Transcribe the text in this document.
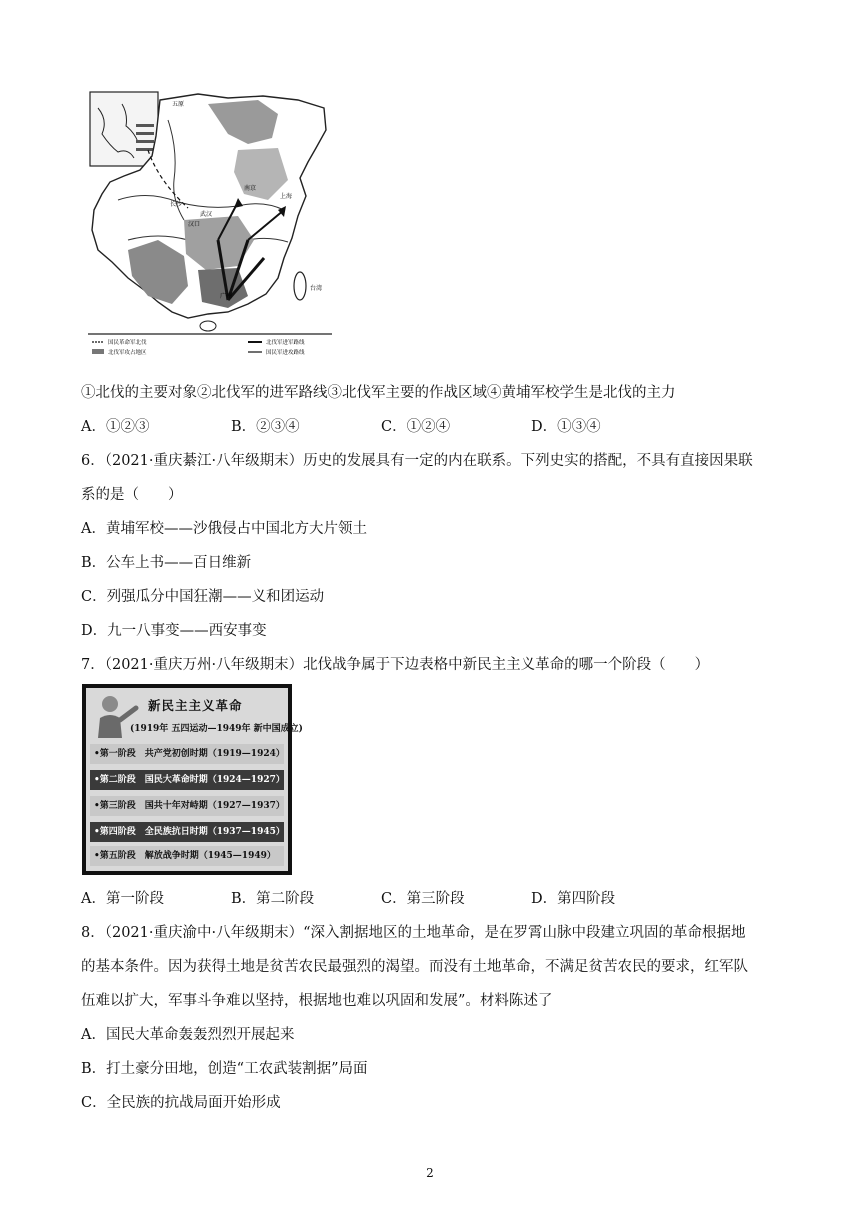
五原
长沙
武汉
南京
上海
广州
汉口
台湾
国民革命军北伐
北伐军攻占地区
北伐军进军路线
国民军进攻路线
①北伐的主要对象②北伐军的进军路线③北伐军主要的作战区域④黄埔军校学生是北伐的主力
A．①②③	B．②③④	C．①②④	D．①③④
6．（2021·重庆綦江·八年级期末）历史的发展具有一定的内在联系。下列史实的搭配，不具有直接因果联
系的是（　　）
A．黄埔军校——沙俄侵占中国北方大片领土
B．公车上书——百日维新
C．列强瓜分中国狂潮——义和团运动
D．九一八事变——西安事变
7．（2021·重庆万州·八年级期末）北伐战争属于下边表格中新民主主义革命的哪一个阶段（　　）
新民主主义革命
(1919年 五四运动—1949年 新中国成立)
•第一阶段　共产党初创时期（1919—1924）
•第二阶段　国民大革命时期（1924—1927）
•第三阶段　国共十年对峙期（1927—1937）
•第四阶段　全民族抗日时期（1937—1945）
•第五阶段　解放战争时期（1945—1949）
A．第一阶段	B．第二阶段	C．第三阶段	D．第四阶段
8．（2021·重庆渝中·八年级期末）“深入割据地区的土地革命，是在罗霄山脉中段建立巩固的革命根据地
的基本条件。因为获得土地是贫苦农民最强烈的渴望。而没有土地革命，不满足贫苦农民的要求，红军队
伍难以扩大，军事斗争难以坚持，根据地也难以巩固和发展”。材料陈述了
A．国民大革命轰轰烈烈开展起来
B．打土豪分田地，创造“工农武装割据”局面
C．全民族的抗战局面开始形成
2
